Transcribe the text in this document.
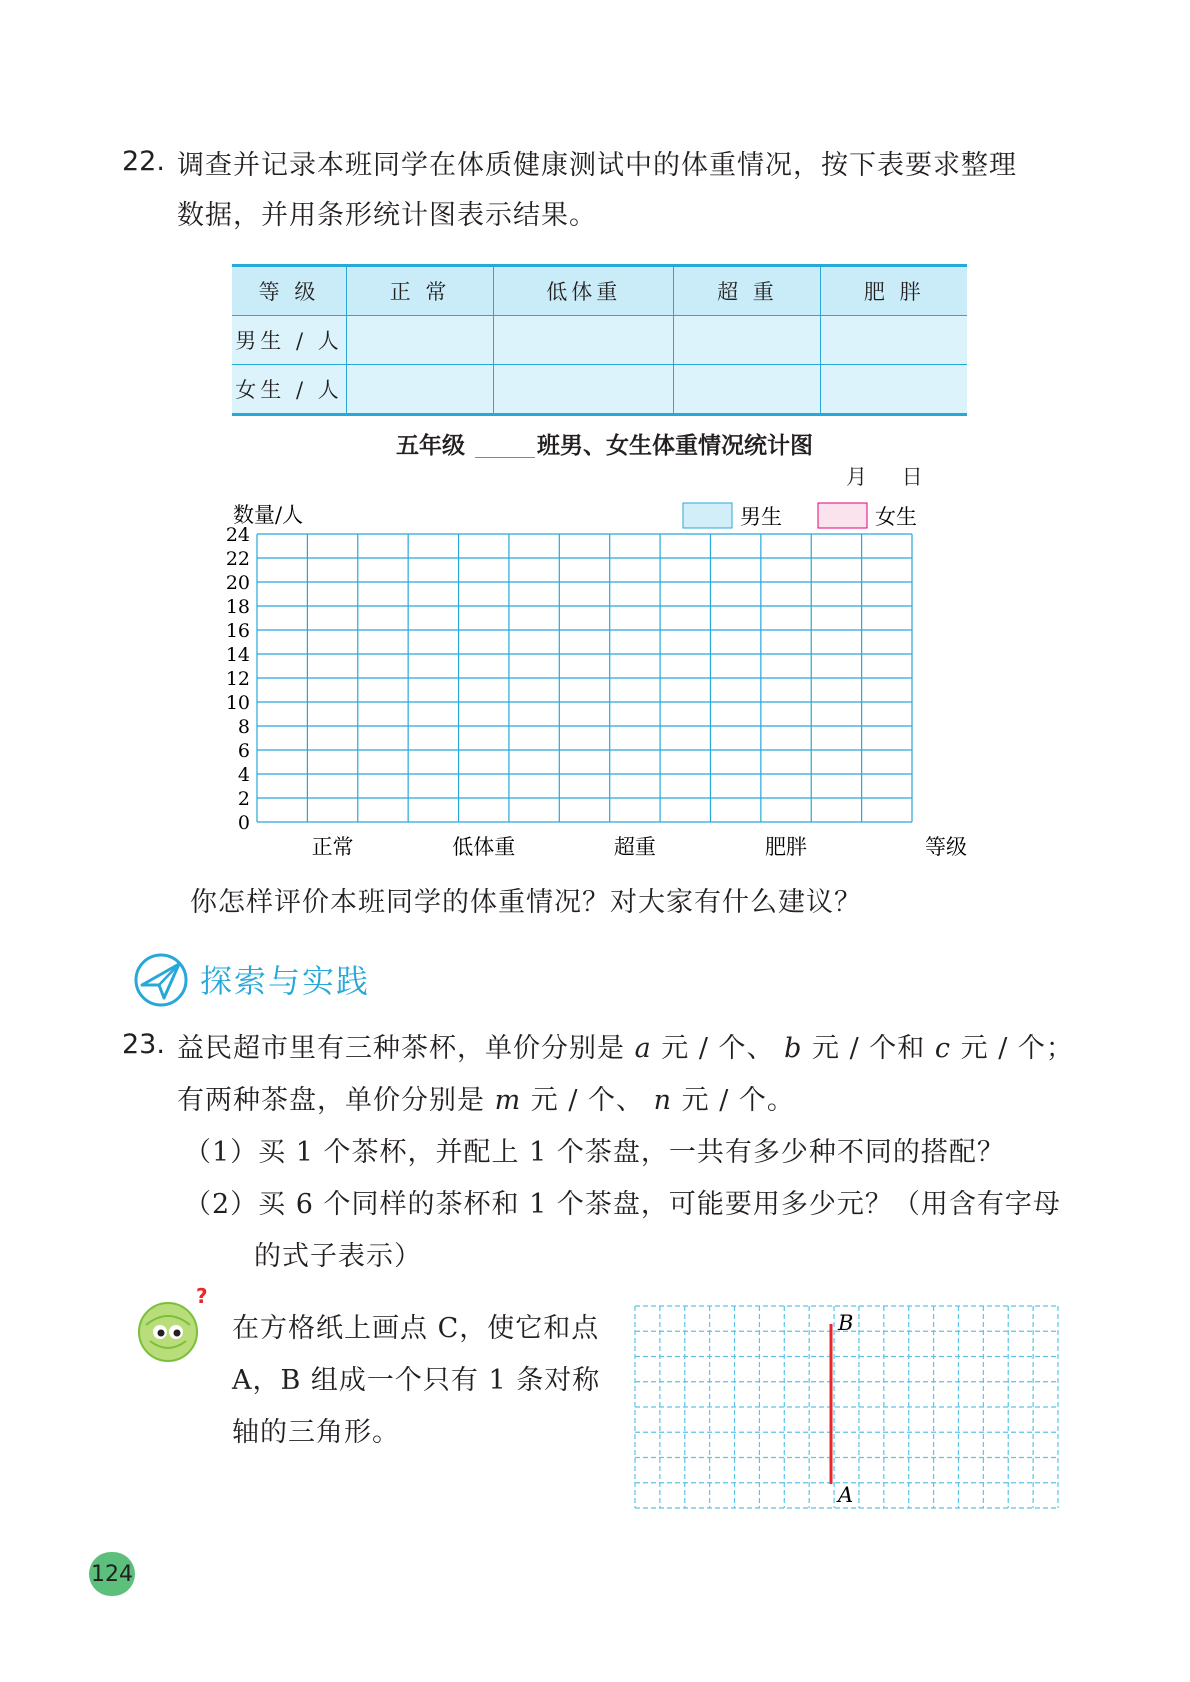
22. 调查并记录本班同学在体质健康测试中的体重情况，按下表要求整理
数据，并用条形统计图表示结果。
等 级	正 常	低体重	超 重	肥 胖
男生 / 人				
女生 / 人				
五年级	班男、女生体重情况统计图
月 日
数量/人	男生	女生
0
2
4
6
8
10
12
14
16
18
20
22
24
正常	低体重	超重	肥胖	等级
你怎样评价本班同学的体重情况？对大家有什么建议？
探索与实践
23. 益民超市里有三种茶杯，单价分别是 a 元 / 个、 b 元 / 个和 c 元 / 个；
有两种茶盘，单价分别是 m 元 / 个、 n 元 / 个。
（1）买 1 个茶杯，并配上 1 个茶盘，一共有多少种不同的搭配？
（2）买 6 个同样的茶杯和 1 个茶盘，可能要用多少元？（用含有字母
的式子表示）
?
在方格纸上画点 C，使它和点
A，B 组成一个只有 1 条对称
轴的三角形。
B
A
124
